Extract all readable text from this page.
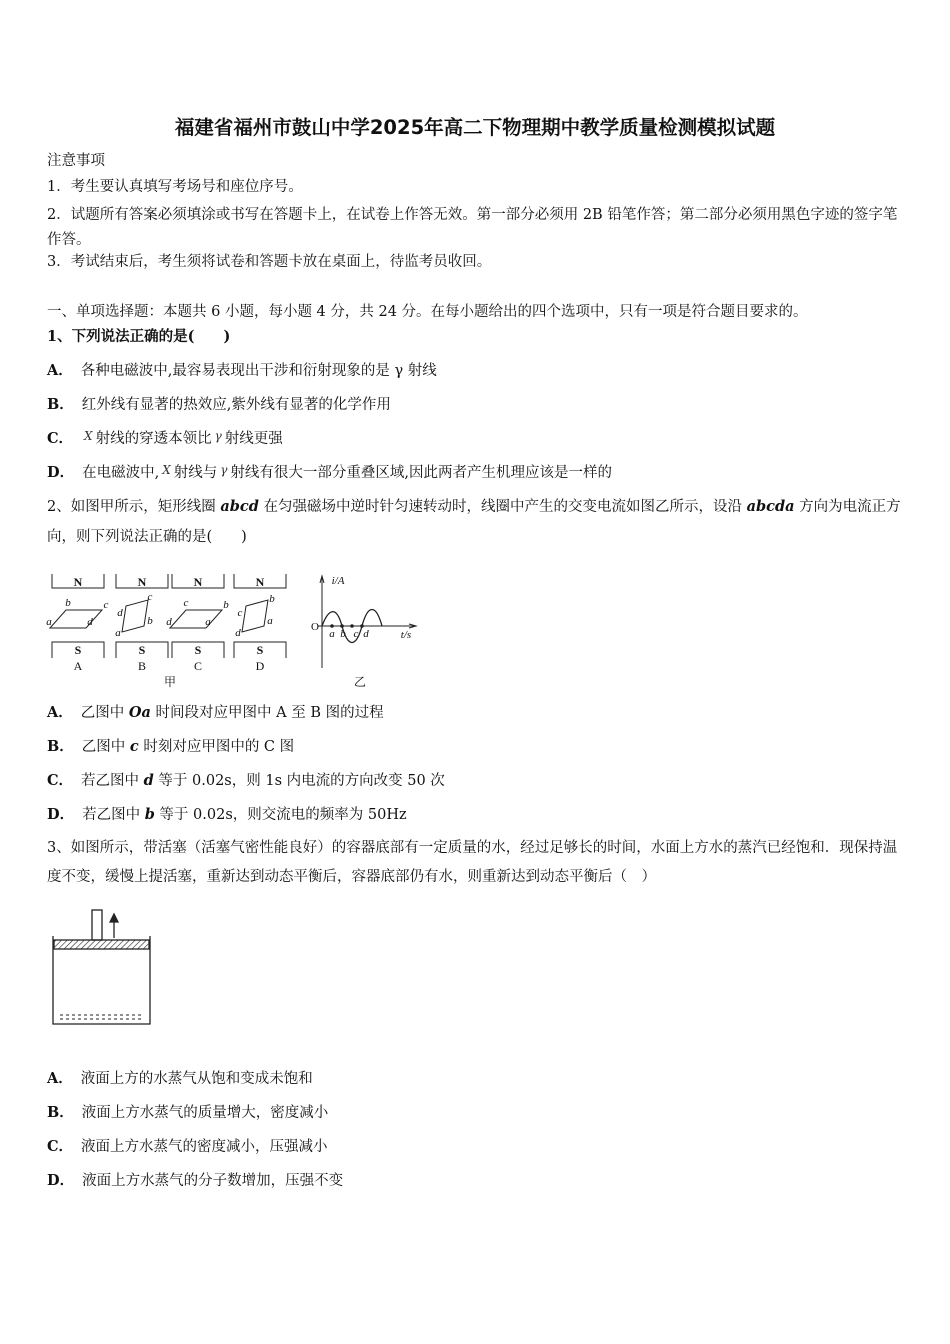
福建省福州市鼓山中学2025年高二下物理期中教学质量检测模拟试题
注意事项
1．考生要认真填写考场号和座位序号。
2．试题所有答案必须填涂或书写在答题卡上，在试卷上作答无效。第一部分必须用 2B 铅笔作答；第二部分必须用黑色字迹的签字笔作答。
3．考试结束后，考生须将试卷和答题卡放在桌面上，待监考员收回。
一、单项选择题：本题共 6 小题，每小题 4 分，共 24 分。在每小题给出的四个选项中，只有一项是符合题目要求的。
1、下列说法正确的是(　　)
A． 各种电磁波中,最容易表现出干涉和衍射现象的是 γ 射线
B． 红外线有显著的热效应,紫外线有显著的化学作用
C． $^X$ 射线的穿透本领比 $^\gamma$ 射线更强
D． 在电磁波中, $^X$ 射线与 $^\gamma$ 射线有很大一部分重叠区域,因此两者产生机理应该是一样的
2、如图甲所示，矩形线圈 abcd 在匀强磁场中逆时针匀速转动时，线圈中产生的交变电流如图乙所示，设沿 abcda 方向为电流正方向，则下列说法正确的是(　　)
N	N	N	N
S	S	S	S
A	B	C	D
甲	乙
a
b	c
d
a
b
c
d
a
b
c
d	a
b
c
d
i/A
t/s
O
a b c d
A． 乙图中 Oa 时间段对应甲图中 A 至 B 图的过程
B． 乙图中 c 时刻对应甲图中的 C 图
C． 若乙图中 d 等于 0.02s，则 1s 内电流的方向改变 50 次
D． 若乙图中 b 等于 0.02s，则交流电的频率为 50Hz
3、如图所示，带活塞（活塞气密性能良好）的容器底部有一定质量的水，经过足够长的时间，水面上方水的蒸汽已经饱和．现保持温度不变，缓慢上提活塞，重新达到动态平衡后，容器底部仍有水，则重新达到动态平衡后（　）
A． 液面上方的水蒸气从饱和变成未饱和
B． 液面上方水蒸气的质量增大，密度减小
C． 液面上方水蒸气的密度减小，压强减小
D． 液面上方水蒸气的分子数增加，压强不变
